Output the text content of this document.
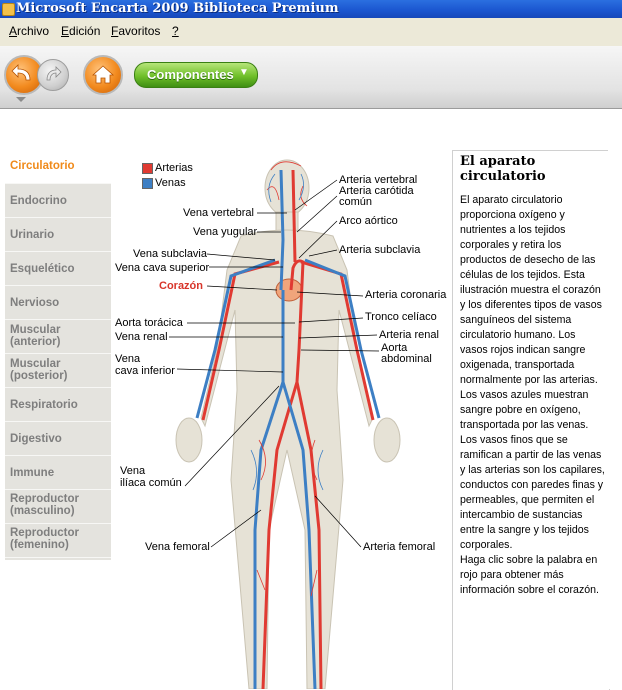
Microsoft Encarta 2009 Biblioteca Premium
Archivo Edición Favoritos ?
Componentes ▼
Circulatorio
Endocrino
Urinario
Esquelético
Nervioso
Muscular
(anterior)
Muscular
(posterior)
Respiratorio
Digestivo
Immune
Reproductor
(masculino)
Reproductor
(femenino)
Arterias
Venas
Vena vertebral
Vena yugular
Vena subclavia
Vena cava superior
Corazón
Aorta torácica
Vena renal
Vena
cava inferior
Vena
ilíaca común
Vena femoral
Arteria vertebral
Arteria carótida
común
Arco aórtico
Arteria subclavia
Arteria coronaria
Tronco celíaco
Arteria renal
Aorta
abdominal
Arteria femoral
El aparato circulatorio

El aparato circulatorio proporciona oxígeno y nutrientes a los tejidos corporales y retira los productos de desecho de las células de los tejidos. Esta ilustración muestra el corazón y los diferentes tipos de vasos sanguíneos del sistema circulatorio humano. Los vasos rojos indican sangre oxigenada, transportada normalmente por las arterias. Los vasos azules muestran sangre pobre en oxígeno, transportada por las venas. Los vasos finos que se ramifican a partir de las venas y las arterias son los capilares, conductos con paredes finas y permeables, que permiten el intercambio de sustancias entre la sangre y los tejidos corporales.

Haga clic sobre la palabra en rojo para obtener más información sobre el corazón.
